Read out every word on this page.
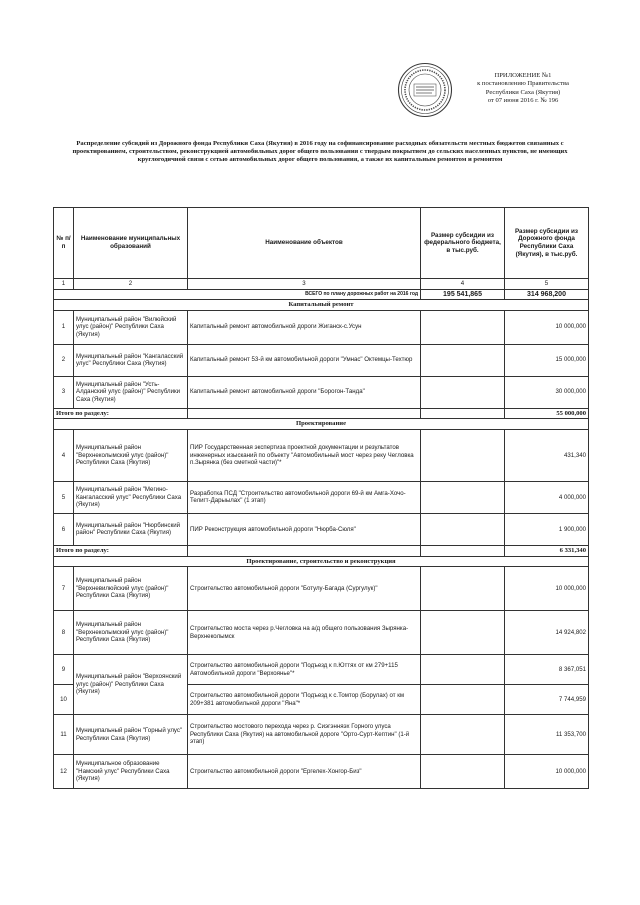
ПРИЛОЖЕНИЕ №1
к постановлению Правительства
Республики Саха (Якутия)
от 07 июня 2016 г. № 196
Распределение субсидий из Дорожного фонда Республики Саха (Якутия) в 2016 году на софинансирование расходных обязательств местных бюджетов связанных с проектированием, строительством, реконструкцией автомобильных дорог общего пользования с твердым покрытием до сельских населенных пунктов, не имеющих круглогодичной связи с сетью автомобильных дорог общего пользования, а также их капитальным ремонтом и ремонтом
№ п/п	Наименование муниципальных образований	Наименование объектов	Размер субсидии из федерального бюджета, в тыс.руб.	Размер субсидии из Дорожного фонда Республики Саха (Якутия), в тыс.руб.
1	2	3	4	5
ВСЕГО по плану дорожных работ на 2016 год			195 541,865	314 968,200
Капитальный ремонт				
1	Муниципальный район "Вилюйский улус (район)" Республики Саха (Якутия)	Капитальный ремонт автомобильной дороги Жиганск-с.Усун		10 000,000
2	Муниципальный район "Кангаласский улус" Республики Саха (Якутия)	Капитальный ремонт 53-й км автомобильной дороги "Умнас" Октемцы-Техтюр		15 000,000
3	Муниципальный район "Усть-Алданский улус (район)" Республики Саха (Якутия)	Капитальный ремонт автомобильной дороги "Борогон-Танда"		30 000,000
Итого по разделу:				55 000,000
Проектирование				
4	Муниципальный район "Верхнеколымский улус (район)" Республики Саха (Якутия)	ПИР Государственная экспертиза проектной документации и результатов инженерных изысканий по объекту "Автомобильный мост через реку Чегловка п.Зырянка (без сметной части)"*		431,340
5	Муниципальный район "Мегино-Кангаласский улус" Республики Саха (Якутия)	Разработка ПСД "Строительство автомобильной дороги 69-й км Амга-Хочо-Телигт-Дарыылах" (1 этап)		4 000,000
6	Муниципальный район "Нюрбинский район" Республики Саха (Якутия)	ПИР Реконструкция автомобильной дороги "Нюрба-Сюля"		1 900,000
Итого по разделу:				6 331,340
Проектирование, строительство и реконструкция				
7	Муниципальный район "Верхневилюйский улус (район)" Республики Саха (Якутия)	Строительство автомобильной дороги "Ботулу-Багада (Сургулук)"		10 000,000
8	Муниципальный район "Верхнеколымский улус (район)" Республики Саха (Якутия)	Строительство моста через р.Чегловка на а/д общего пользования Зырянка-Верхнеколымск		14 924,802
9	Муниципальный район "Верхоянский улус (район)" Республики Саха (Якутия)	Строительство автомобильной дороги "Подъезд к п.Юттях от км 279+115 Автомобильной дороги "Верхоянье"*		8 367,051
10		Строительство автомобильной дороги "Подъезд к с.Томтор (Борулах) от км 209+381 автомобильной дороги "Яна"*		7 744,959
11	Муниципальный район "Горный улус" Республики Саха (Якутия)	Строительство мостового перехода через р. Сиэгэнняэх Горного улуса Республики Саха (Якутия) на автомобильной дороге "Орто-Сурт-Кептин" (1-й этап)		11 353,700
12	Муниципальное образование "Намский улус" Республики Саха (Якутия)	Строительство автомобильной дороги "Ергелех-Хонгор-Биз"		10 000,000
